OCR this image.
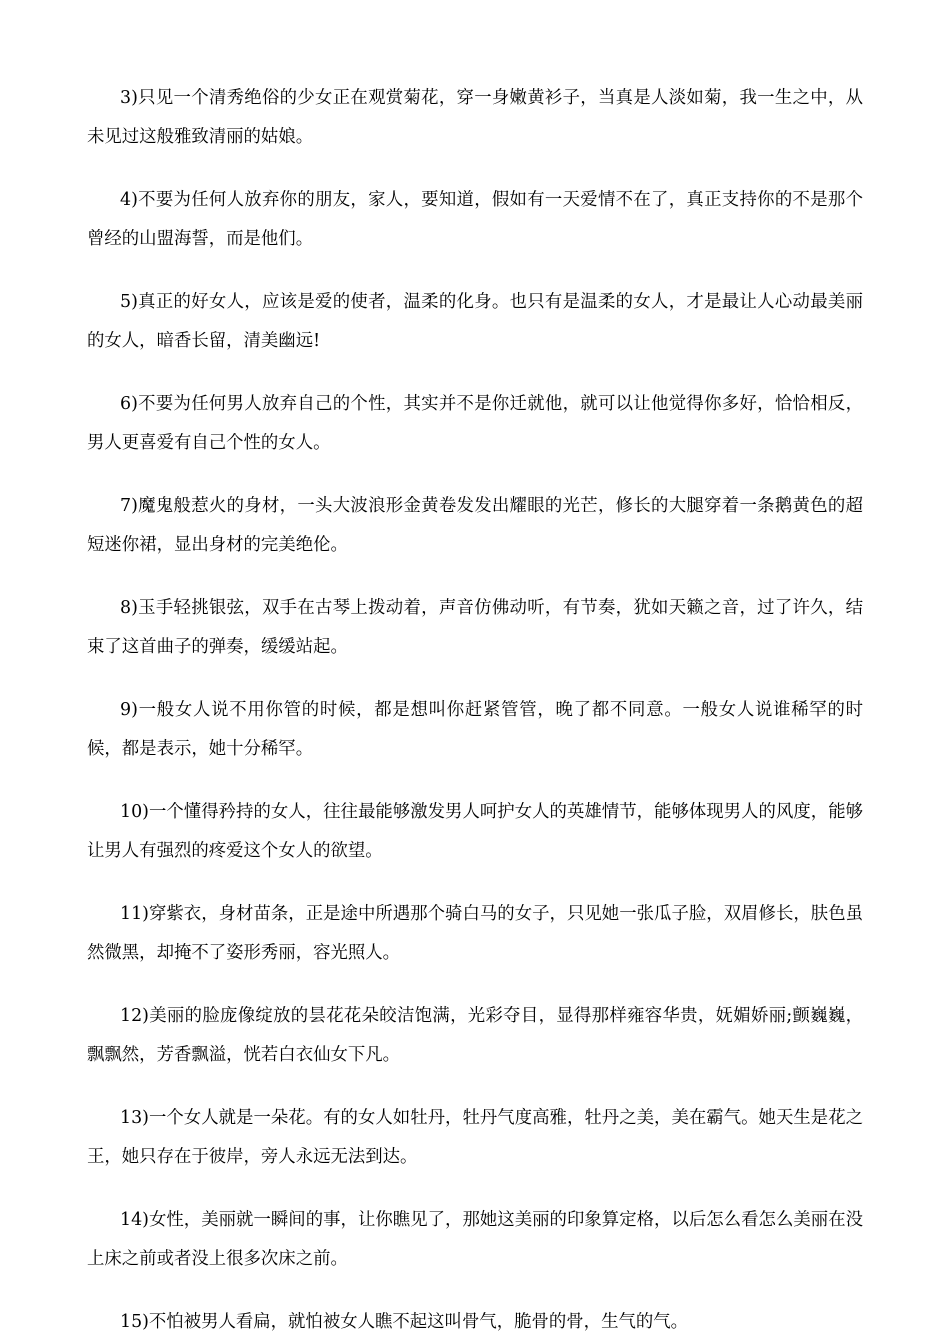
3)只见一个清秀绝俗的少女正在观赏菊花，穿一身嫩黄衫子，当真是人淡如菊，我一生之中，从未见过这般雅致清丽的姑娘。

4)不要为任何人放弃你的朋友，家人，要知道，假如有一天爱情不在了，真正支持你的不是那个曾经的山盟海誓，而是他们。

5)真正的好女人，应该是爱的使者，温柔的化身。也只有是温柔的女人，才是最让人心动最美丽的女人，暗香长留，清美幽远!

6)不要为任何男人放弃自己的个性，其实并不是你迁就他，就可以让他觉得你多好，恰恰相反，男人更喜爱有自己个性的女人。

7)魔鬼般惹火的身材，一头大波浪形金黄卷发发出耀眼的光芒，修长的大腿穿着一条鹅黄色的超短迷你裙，显出身材的完美绝伦。

8)玉手轻挑银弦，双手在古琴上拨动着，声音仿佛动听，有节奏，犹如天籁之音，过了许久，结束了这首曲子的弹奏，缓缓站起。

9)一般女人说不用你管的时候，都是想叫你赶紧管管，晚了都不同意。一般女人说谁稀罕的时候，都是表示，她十分稀罕。

10)一个懂得矜持的女人，往往最能够激发男人呵护女人的英雄情节，能够体现男人的风度，能够让男人有强烈的疼爱这个女人的欲望。

11)穿紫衣，身材苗条，正是途中所遇那个骑白马的女子，只见她一张瓜子脸，双眉修长，肤色虽然微黑，却掩不了姿形秀丽，容光照人。

12)美丽的脸庞像绽放的昙花花朵皎洁饱满，光彩夺目，显得那样雍容华贵，妩媚娇丽;颤巍巍，飘飘然，芳香飘溢，恍若白衣仙女下凡。

13)一个女人就是一朵花。有的女人如牡丹，牡丹气度高雅，牡丹之美，美在霸气。她天生是花之王，她只存在于彼岸，旁人永远无法到达。

14)女性，美丽就一瞬间的事，让你瞧见了，那她这美丽的印象算定格，以后怎么看怎么美丽在没上床之前或者没上很多次床之前。

15)不怕被男人看扁，就怕被女人瞧不起这叫骨气，脆骨的骨，生气的气。
